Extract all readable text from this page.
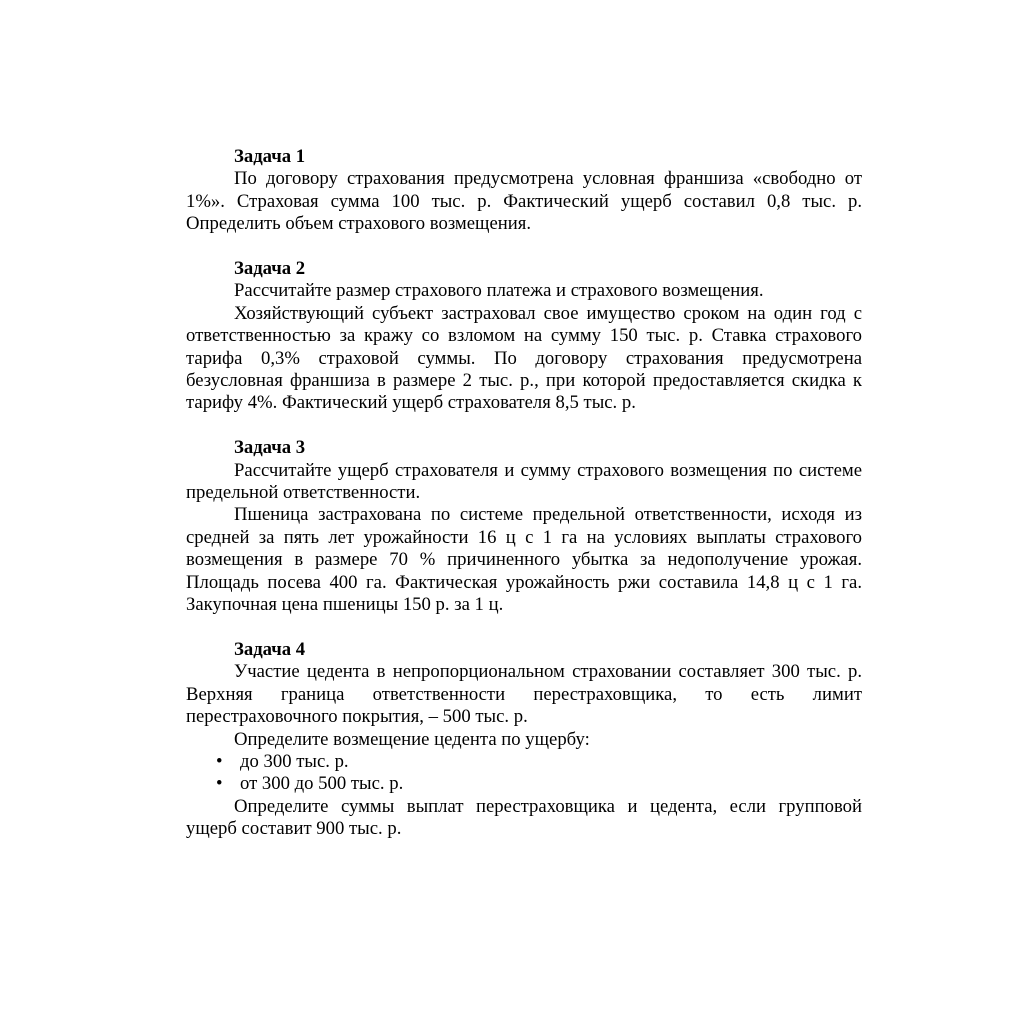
Задача 1

По договору страхования предусмотрена условная франшиза «свободно от 1%». Страховая сумма 100 тыс. р. Фактический ущерб составил 0,8 тыс. р. Определить объем страхового возмещения.

Задача 2

Рассчитайте размер страхового платежа и страхового возмещения.

Хозяйствующий субъект застраховал свое имущество сроком на один год с ответственностью за кражу со взломом на сумму 150 тыс. р. Ставка страхового тарифа 0,3% страховой суммы. По договору страхования предусмотрена безусловная франшиза в размере 2 тыс. р., при которой предоставляется скидка к тарифу 4%. Фактический ущерб страхователя 8,5 тыс. р.

Задача 3

Рассчитайте ущерб страхователя и сумму страхового возмещения по системе предельной ответственности.

Пшеница застрахована по системе предельной ответственности, исходя из средней за пять лет урожайности 16 ц с 1 га на условиях выплаты страхового возмещения в размере 70 % причиненного убытка за недополучение урожая. Площадь посева 400 га. Фактическая урожайность ржи составила 14,8 ц с 1 га. Закупочная цена пшеницы 150 р. за 1 ц.

Задача 4

Участие цедента в непропорциональном страховании составляет 300 тыс. р. Верхняя граница ответственности перестраховщика, то есть лимит перестраховочного покрытия, – 500 тыс. р.

Определите возмещение цедента по ущербу:

• до 300 тыс. р.
• от 300 до 500 тыс. р.

Определите суммы выплат перестраховщика и цедента, если групповой ущерб составит 900 тыс. р.
